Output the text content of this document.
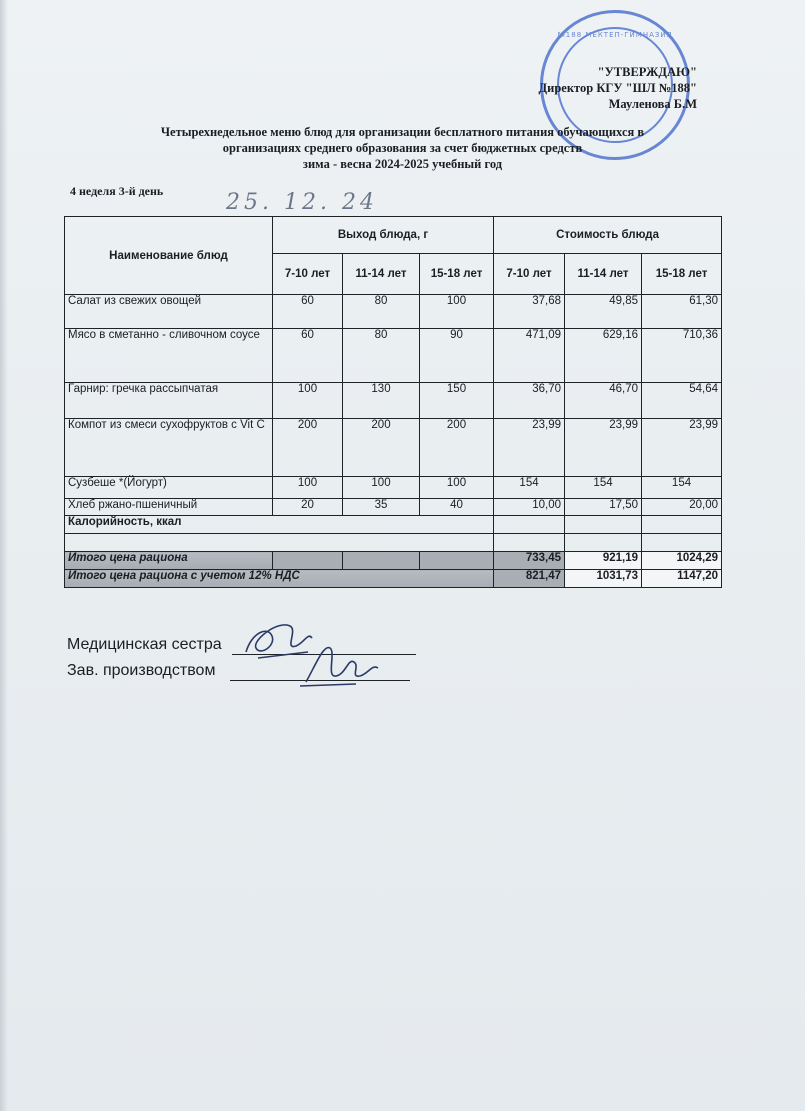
№188 МЕКТЕП-ГИМНАЗИЯ
"УТВЕРЖДАЮ"
Директор КГУ "ШЛ №188"
Мауленова Б.М
Четырехнедельное меню блюд для организации бесплатного питания обучающихся в
организациях среднего образования за счет бюджетных средств
зима - весна 2024-2025 учебный год
4 неделя 3-й день	25. 12. 24
Наименование блюд	Выход блюда, г			Стоимость блюда		
	7-10 лет	11-14 лет	15-18 лет	7-10 лет	11-14 лет	15-18 лет
Салат из свежих овощей	60	80	100	37,68	49,85	61,30
Мясо в сметанно - сливочном соусе	60	80	90	471,09	629,16	710,36
Гарнир: гречка рассыпчатая	100	130	150	36,70	46,70	54,64
Компот из смеси сухофруктов с Vit C	200	200	200	23,99	23,99	23,99
Сузбеше *(Йогурт)	100	100	100	154	154	154
Хлеб ржано-пшеничный	20	35	40	10,00	17,50	20,00
Калорийность, ккал						

Итого цена рациона				733,45	921,19	1024,29
Итого цена рациона с учетом 12% НДС				821,47	1031,73	1147,20
Медицинская сестра
Зав. производством
